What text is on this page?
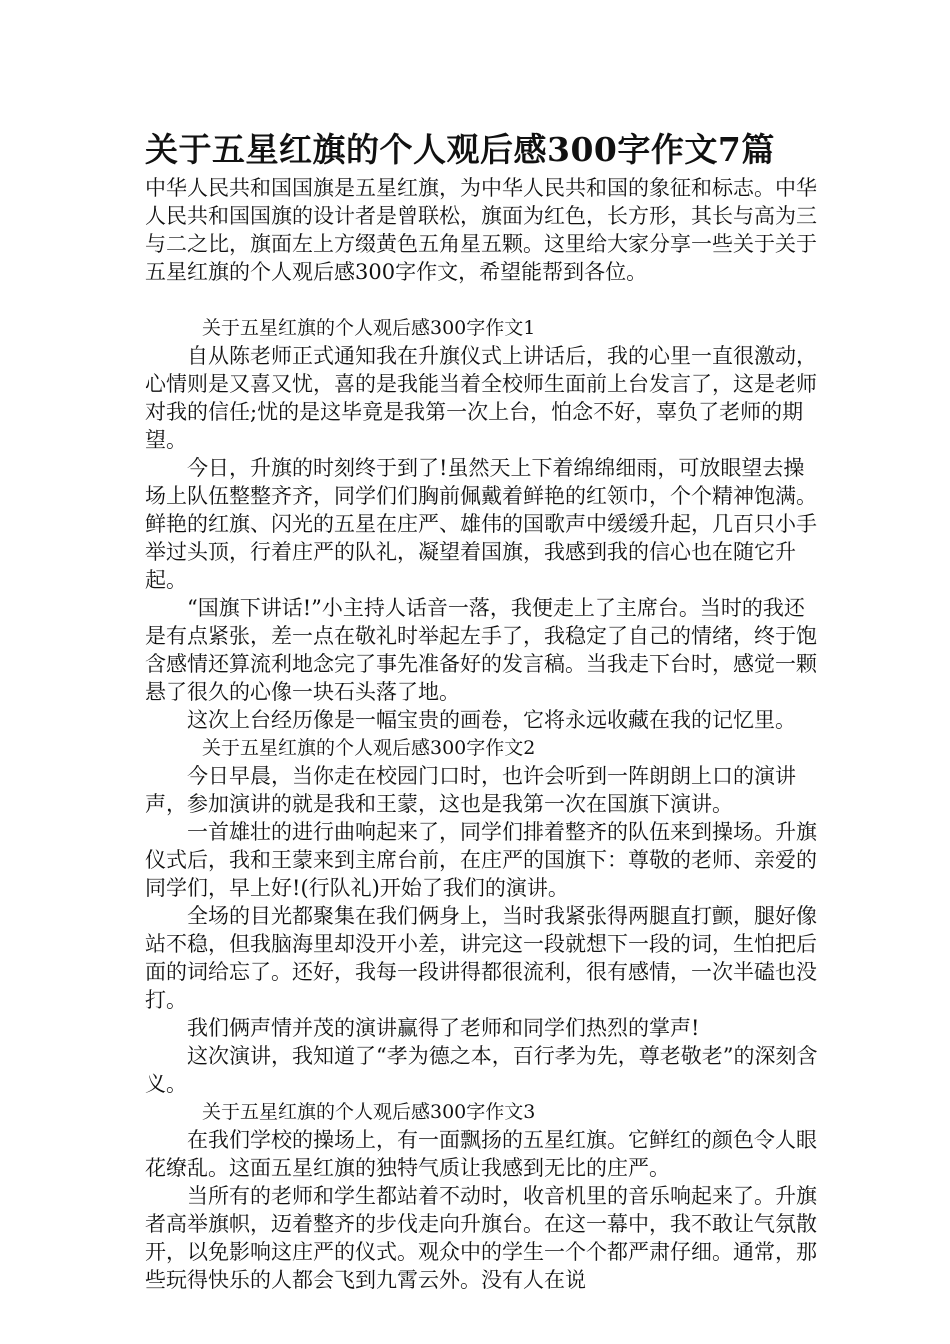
关于五星红旗的个人观后感300字作文7篇

中华人民共和国国旗是五星红旗，为中华人民共和国的象征和标志。中华人民共和国国旗的设计者是曾联松，旗面为红色，长方形，其长与高为三与二之比，旗面左上方缀黄色五角星五颗。这里给大家分享一些关于关于五星红旗的个人观后感300字作文，希望能帮到各位。

关于五星红旗的个人观后感300字作文1

自从陈老师正式通知我在升旗仪式上讲话后，我的心里一直很激动，心情则是又喜又忧，喜的是我能当着全校师生面前上台发言了，这是老师对我的信任;忧的是这毕竟是我第一次上台，怕念不好，辜负了老师的期望。

今日，升旗的时刻终于到了!虽然天上下着绵绵细雨，可放眼望去操场上队伍整整齐齐，同学们们胸前佩戴着鲜艳的红领巾，个个精神饱满。鲜艳的红旗、闪光的五星在庄严、雄伟的国歌声中缓缓升起，几百只小手举过头顶，行着庄严的队礼，凝望着国旗，我感到我的信心也在随它升起。

“国旗下讲话!”小主持人话音一落，我便走上了主席台。当时的我还是有点紧张，差一点在敬礼时举起左手了，我稳定了自己的情绪，终于饱含感情还算流利地念完了事先准备好的发言稿。当我走下台时，感觉一颗悬了很久的心像一块石头落了地。

这次上台经历像是一幅宝贵的画卷，它将永远收藏在我的记忆里。

关于五星红旗的个人观后感300字作文2

今日早晨，当你走在校园门口时，也许会听到一阵朗朗上口的演讲声，参加演讲的就是我和王蒙，这也是我第一次在国旗下演讲。

一首雄壮的进行曲响起来了，同学们排着整齐的队伍来到操场。升旗仪式后，我和王蒙来到主席台前，在庄严的国旗下：尊敬的老师、亲爱的同学们，早上好!(行队礼)开始了我们的演讲。

全场的目光都聚集在我们俩身上，当时我紧张得两腿直打颤，腿好像站不稳，但我脑海里却没开小差，讲完这一段就想下一段的词，生怕把后面的词给忘了。还好，我每一段讲得都很流利，很有感情，一次半磕也没打。

我们俩声情并茂的演讲赢得了老师和同学们热烈的掌声!

这次演讲，我知道了“孝为德之本，百行孝为先，尊老敬老”的深刻含义。

关于五星红旗的个人观后感300字作文3

在我们学校的操场上，有一面飘扬的五星红旗。它鲜红的颜色令人眼花缭乱。这面五星红旗的独特气质让我感到无比的庄严。

当所有的老师和学生都站着不动时，收音机里的音乐响起来了。升旗者高举旗帜，迈着整齐的步伐走向升旗台。在这一幕中，我不敢让气氛散开，以免影响这庄严的仪式。观众中的学生一个个都严肃仔细。通常，那些玩得快乐的人都会飞到九霄云外。没有人在说
